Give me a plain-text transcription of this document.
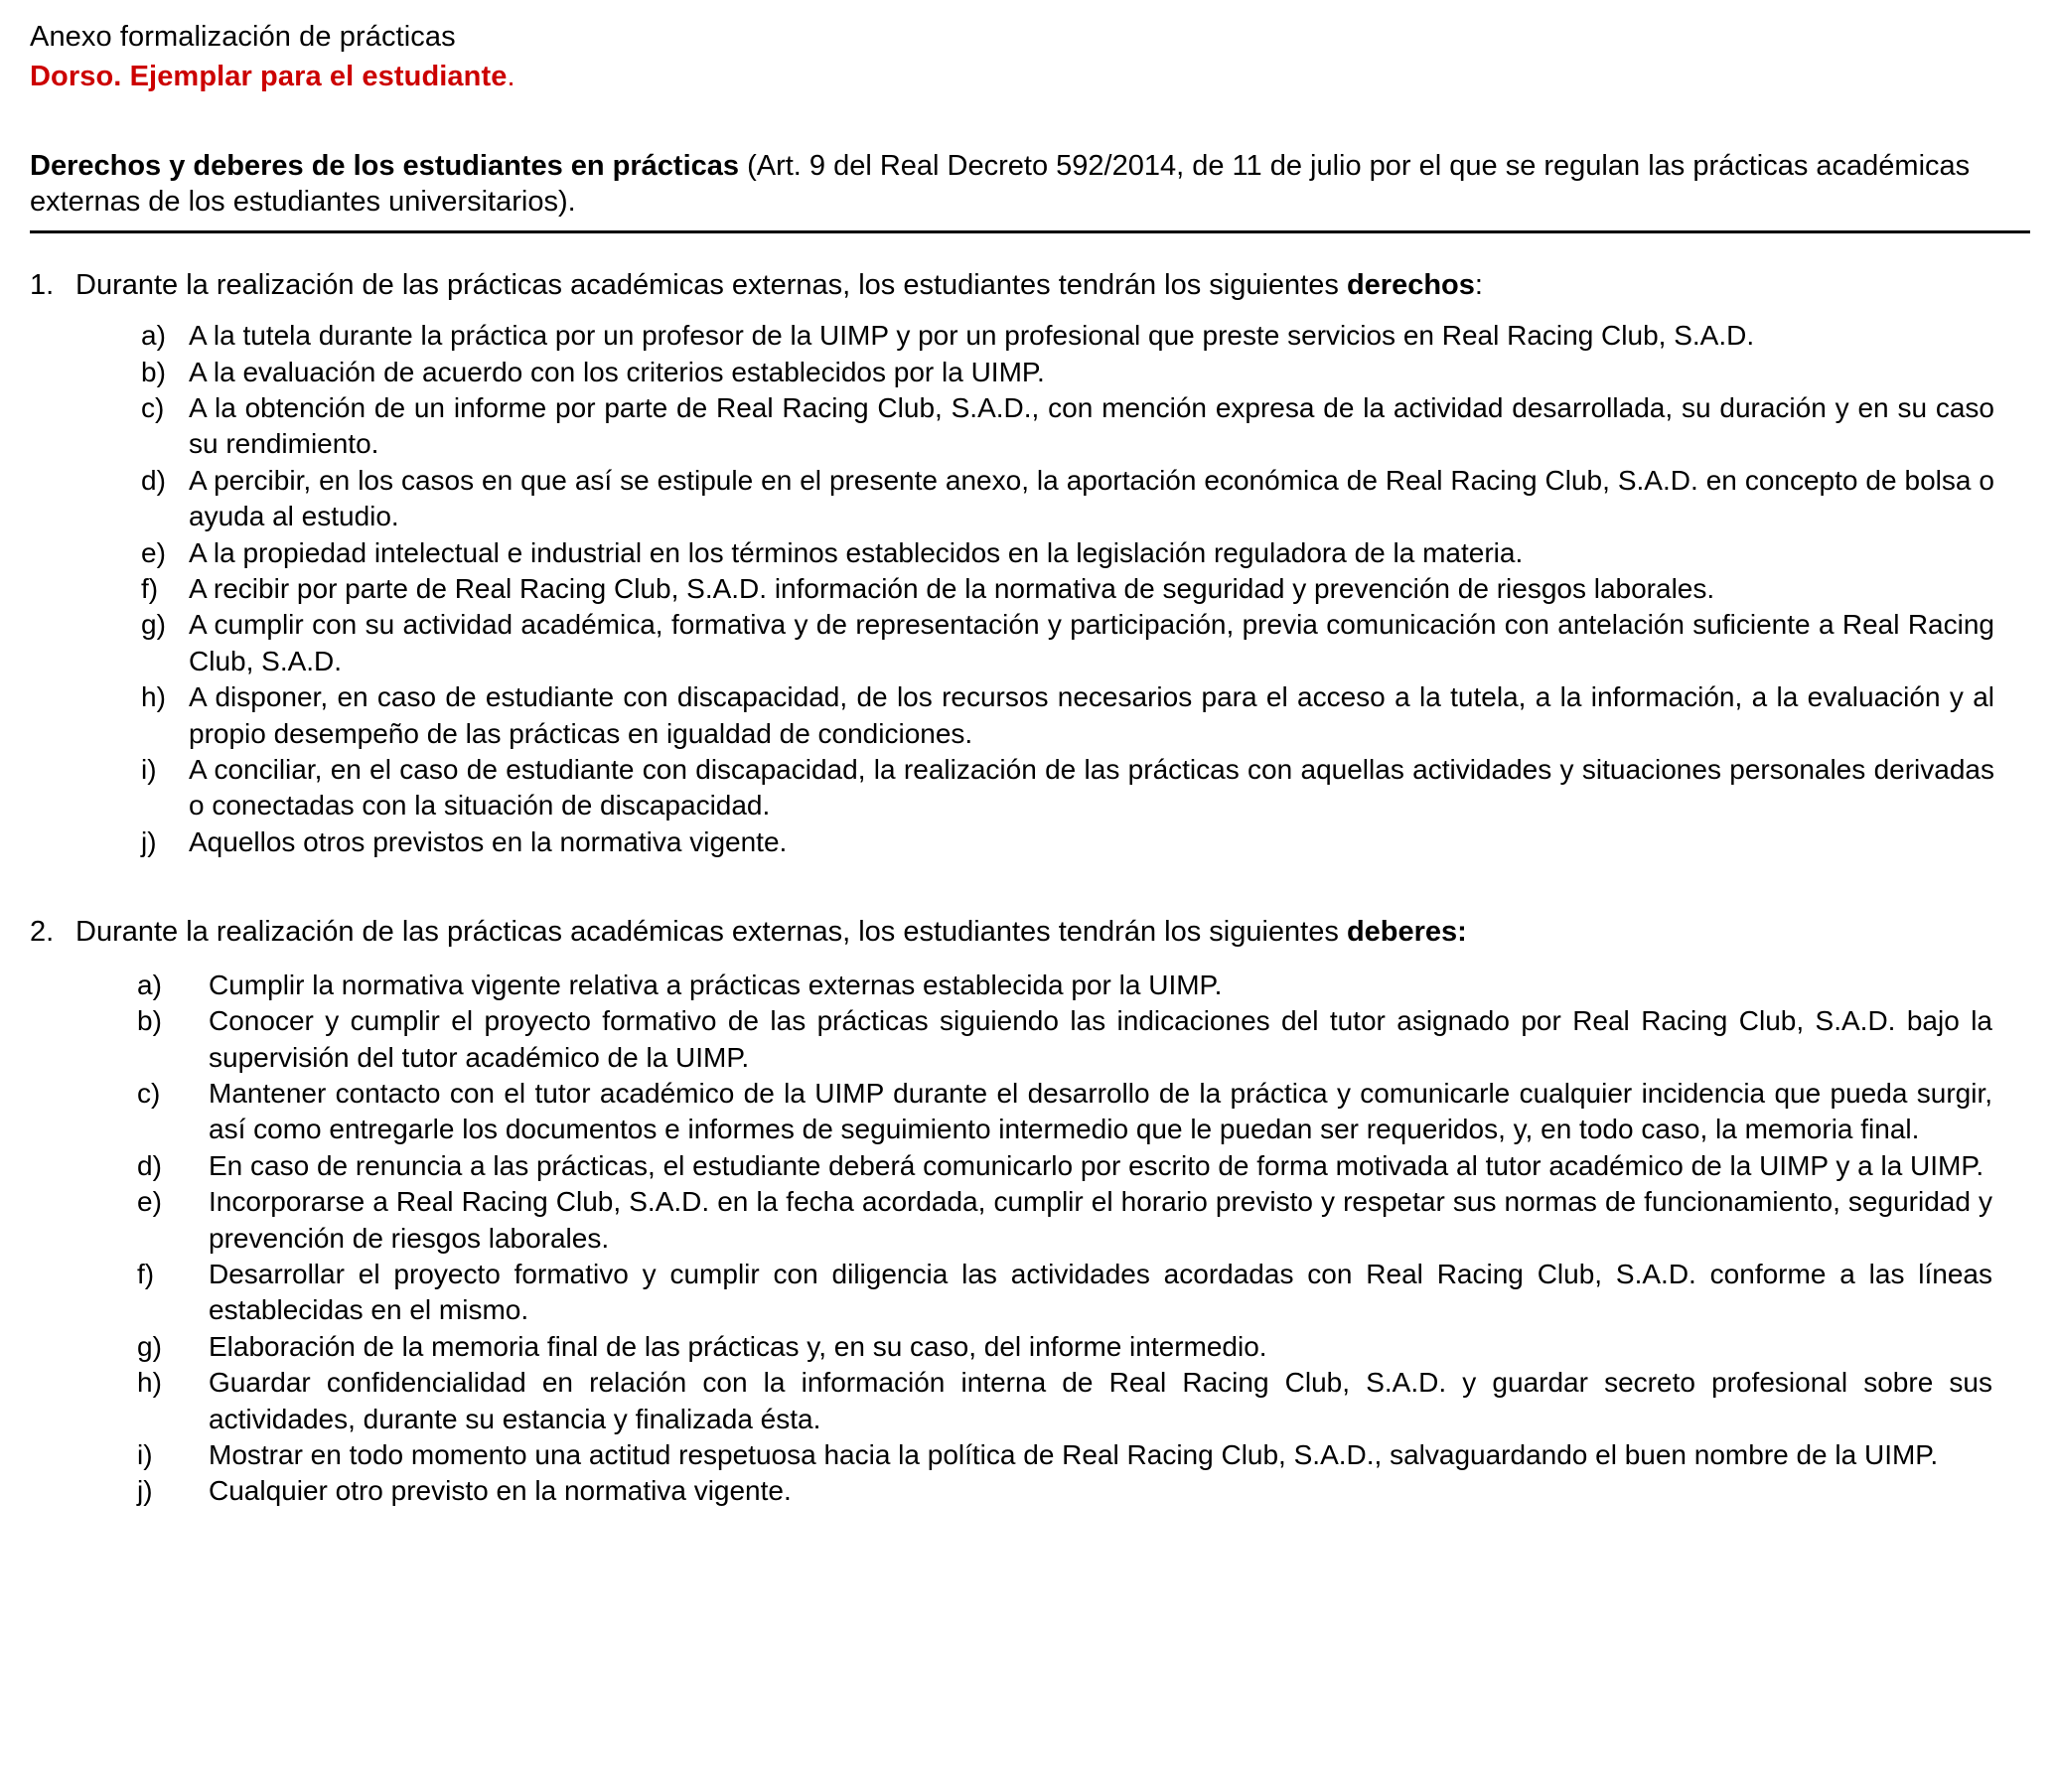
Anexo formalización de prácticas
Dorso. Ejemplar para el estudiante.
Derechos y deberes de los estudiantes en prácticas (Art. 9 del Real Decreto 592/2014, de 11 de julio por el que se regulan las prácticas académicas externas de los estudiantes universitarios).
1. Durante la realización de las prácticas académicas externas, los estudiantes tendrán los siguientes derechos:
a) A la tutela durante la práctica por un profesor de la UIMP y por un profesional que preste servicios en Real Racing Club, S.A.D.
b) A la evaluación de acuerdo con los criterios establecidos por la UIMP.
c) A la obtención de un informe por parte de Real Racing Club, S.A.D., con mención expresa de la actividad desarrollada, su duración y en su caso su rendimiento.
d) A percibir, en los casos en que así se estipule en el presente anexo, la aportación económica de Real Racing Club, S.A.D. en concepto de bolsa o ayuda al estudio.
e) A la propiedad intelectual e industrial en los términos establecidos en la legislación reguladora de la materia.
f)	A recibir por parte de Real Racing Club, S.A.D. información de la normativa de seguridad y prevención de riesgos laborales.
g) A cumplir con su actividad académica, formativa y de representación y participación, previa comunicación con antelación suficiente a Real Racing Club, S.A.D.
h) A disponer, en caso de estudiante con discapacidad, de los recursos necesarios para el acceso a la tutela, a la información, a la evaluación y al propio desempeño de las prácticas en igualdad de condiciones.
i)	A conciliar, en el caso de estudiante con discapacidad, la realización de las prácticas con aquellas actividades y situaciones personales derivadas o conectadas con la situación de discapacidad.
j)	Aquellos otros previstos en la normativa vigente.
2. Durante la realización de las prácticas académicas externas, los estudiantes tendrán los siguientes deberes:
a)	Cumplir la normativa vigente relativa a prácticas externas establecida por la UIMP.
b)	Conocer y cumplir el proyecto formativo de las prácticas siguiendo las indicaciones del tutor asignado por Real Racing Club, S.A.D. bajo la supervisión del tutor académico de la UIMP.
c)	Mantener contacto con el tutor académico de la UIMP durante el desarrollo de la práctica y comunicarle cualquier incidencia que pueda surgir, así como entregarle los documentos e informes de seguimiento intermedio que le puedan ser requeridos, y, en todo caso, la memoria final.
d)	En caso de renuncia a las prácticas, el estudiante deberá comunicarlo por escrito de forma motivada al tutor académico de la UIMP y a la UIMP.
e)	Incorporarse a Real Racing Club, S.A.D. en la fecha acordada, cumplir el horario previsto y respetar sus normas de funcionamiento, seguridad y prevención de riesgos laborales.
f)	Desarrollar el proyecto formativo y cumplir con diligencia las actividades acordadas con Real Racing Club, S.A.D. conforme a las líneas establecidas en el mismo.
g)	Elaboración de la memoria final de las prácticas y, en su caso, del informe intermedio.
h)	Guardar confidencialidad en relación con la información interna de Real Racing Club, S.A.D. y guardar secreto profesional sobre sus actividades, durante su estancia y finalizada ésta.
i)	Mostrar en todo momento una actitud respetuosa hacia la política de Real Racing Club, S.A.D., salvaguardando el buen nombre de la UIMP.
j)	Cualquier otro previsto en la normativa vigente.
